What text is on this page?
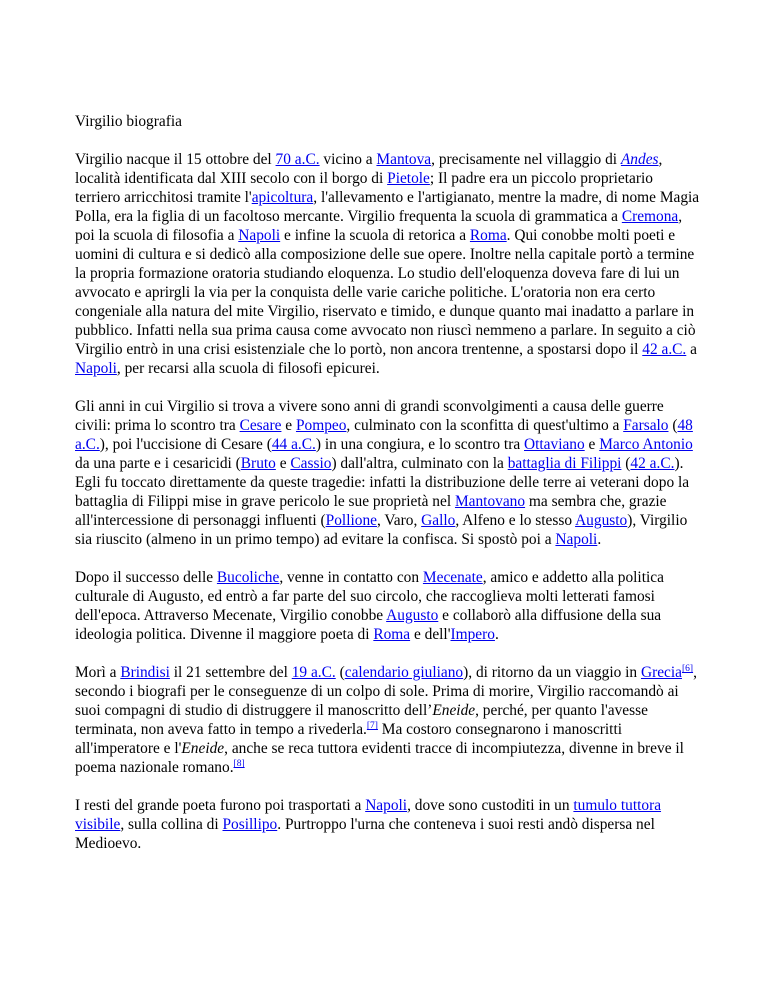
Virgilio biografia

Virgilio nacque il 15 ottobre del 70 a.C. vicino a Mantova, precisamente nel villaggio di Andes, località identificata dal XIII secolo con il borgo di Pietole; Il padre era un piccolo proprietario terriero arricchitosi tramite l'apicoltura, l'allevamento e l'artigianato, mentre la madre, di nome Magia Polla, era la figlia di un facoltoso mercante. Virgilio frequenta la scuola di grammatica a Cremona, poi la scuola di filosofia a Napoli e infine la scuola di retorica a Roma. Qui conobbe molti poeti e uomini di cultura e si dedicò alla composizione delle sue opere. Inoltre nella capitale portò a termine la propria formazione oratoria studiando eloquenza. Lo studio dell'eloquenza doveva fare di lui un avvocato e aprirgli la via per la conquista delle varie cariche politiche. L'oratoria non era certo congeniale alla natura del mite Virgilio, riservato e timido, e dunque quanto mai inadatto a parlare in pubblico. Infatti nella sua prima causa come avvocato non riuscì nemmeno a parlare. In seguito a ciò Virgilio entrò in una crisi esistenziale che lo portò, non ancora trentenne, a spostarsi dopo il 42 a.C. a Napoli, per recarsi alla scuola di filosofi epicurei.

Gli anni in cui Virgilio si trova a vivere sono anni di grandi sconvolgimenti a causa delle guerre civili: prima lo scontro tra Cesare e Pompeo, culminato con la sconfitta di quest'ultimo a Farsalo (48 a.C.), poi l'uccisione di Cesare (44 a.C.) in una congiura, e lo scontro tra Ottaviano e Marco Antonio da una parte e i cesaricidi (Bruto e Cassio) dall'altra, culminato con la battaglia di Filippi (42 a.C.). Egli fu toccato direttamente da queste tragedie: infatti la distribuzione delle terre ai veterani dopo la battaglia di Filippi mise in grave pericolo le sue proprietà nel Mantovano ma sembra che, grazie all'intercessione di personaggi influenti (Pollione, Varo, Gallo, Alfeno e lo stesso Augusto), Virgilio sia riuscito (almeno in un primo tempo) ad evitare la confisca. Si spostò poi a Napoli.

Dopo il successo delle Bucoliche, venne in contatto con Mecenate, amico e addetto alla politica culturale di Augusto, ed entrò a far parte del suo circolo, che raccoglieva molti letterati famosi dell'epoca. Attraverso Mecenate, Virgilio conobbe Augusto e collaborò alla diffusione della sua ideologia politica. Divenne il maggiore poeta di Roma e dell'Impero.

Morì a Brindisi il 21 settembre del 19 a.C. (calendario giuliano), di ritorno da un viaggio in Grecia[6], secondo i biografi per le conseguenze di un colpo di sole. Prima di morire, Virgilio raccomandò ai suoi compagni di studio di distruggere il manoscritto dell’Eneide, perché, per quanto l'avesse terminata, non aveva fatto in tempo a rivederla.[7] Ma costoro consegnarono i manoscritti all'imperatore e l'Eneide, anche se reca tuttora evidenti tracce di incompiutezza, divenne in breve il poema nazionale romano.[8]

I resti del grande poeta furono poi trasportati a Napoli, dove sono custoditi in un tumulo tuttora visibile, sulla collina di Posillipo. Purtroppo l'urna che conteneva i suoi resti andò dispersa nel Medioevo.
